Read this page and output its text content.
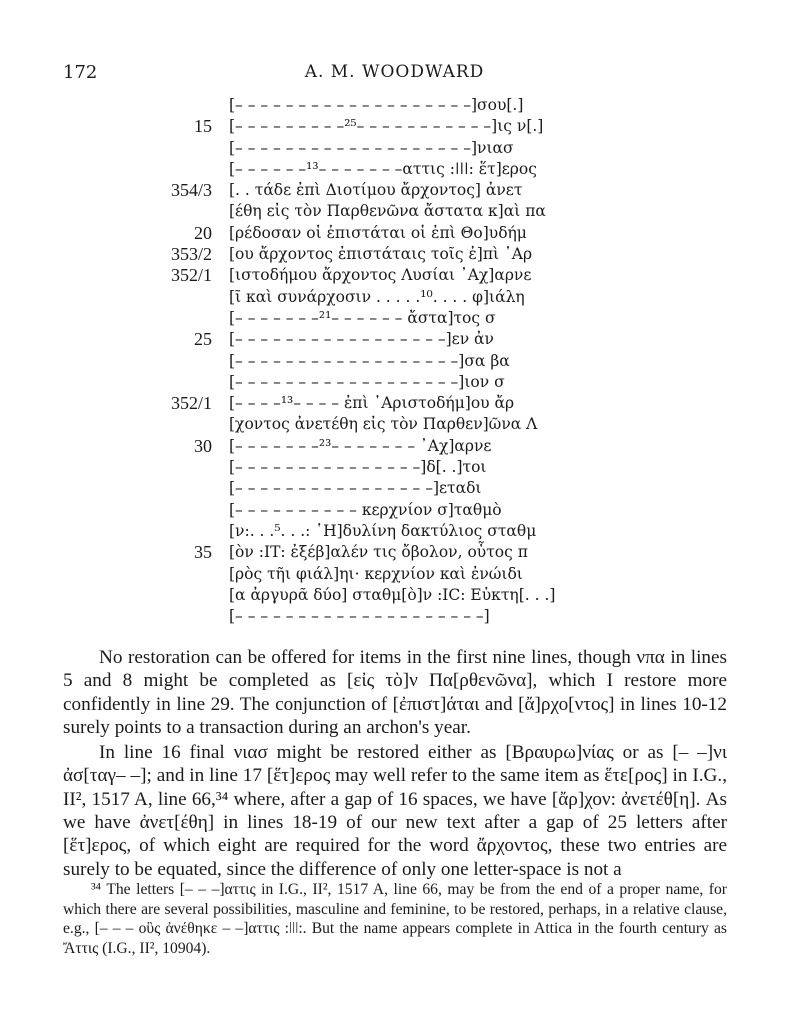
172	A. M. WOODWARD
[– – – – – – – – – – – – – – – – – – –]σου[.]
15 [– – – – – – – – –²⁵– – – – – – – – – – –]ις ν[.]
[– – – – – – – – – – – – – – – – – – –]νιασ
[– – – – – –¹³– – – – – – –αττις :ǀǀǀ: ἕτ]ερος
354/3 [. . τάδε ἐπὶ Διοτίμου ἄρχοντος] ἀνετ
[έθη εἰς τὸν Παρθενῶνα ἄστατα κ]αὶ πα
20 [ρέδοσαν οἱ ἐπιστάται οἱ ἐπὶ Θο]υδήμ
353/2 [ου ἄρχοντος ἐπιστάταις τοῖς ἐ]πὶ ᾽Αρ
352/1 [ιστοδήμου ἄρχοντος Λυσίαι ᾽Αχ]αρνε
[ῖ καὶ συνάρχοσιν . . . . .¹⁰. . . . φ]ιάλη
[– – – – – – –²¹– – – – – – ἄστα]τος σ
25 [– – – – – – – – – – – – – – – – –]εν ἀν
[– – – – – – – – – – – – – – – – – –]σα βα
[– – – – – – – – – – – – – – – – – –]ιον σ
352/1 [– – – –¹³– – – – ἐπὶ ᾽Αριστοδήμ]ου ἄρ
[χοντος ἀνετέθη εἰς τὸν Παρθεν]ῶνα Λ
30 [– – – – – – –²³– – – – – – – ᾽Αχ]αρνε
[– – – – – – – – – – – – – – –]δ[. .]τοι
[– – – – – – – – – – – – – – – –]εταδι
[– – – – – – – – – – κερχνίον σ]ταθμὸ
[ν:. . .⁵. . .: ῾Η]δυλίνη δακτύλιος σταθμ
35 [ὸν :ΙΤ: ἐξέβ]αλέν τις ὄβολον, οὗτος π
[ρὸς τῆι φιάλ]ηι· κερχνίον καὶ ἐνώιδι
[α ἀργυρᾶ δύο] σταθμ[ὸ]ν :ΙC: Εὐκτη[. . .]
[– – – – – – – – – – – – – – – – – – – –]

No restoration can be offered for items in the first nine lines, though νπα in lines 5 and 8 might be completed as [εἰς τὸ]ν Πα[ρθενῶνα], which I restore more confidently in line 29. The conjunction of [ἐπιστ]άται and [ἄ]ρχο[ντος] in lines 10-12 surely points to a transaction during an archon's year.

In line 16 final νιασ might be restored either as [Βραυρω]νίας or as [– –]νι ἀσ[ταγ– –]; and in line 17 [ἕτ]ερος may well refer to the same item as ἕτε[ρος] in I.G., II², 1517 A, line 66,³⁴ where, after a gap of 16 spaces, we have [ἄρ]χον: ἀνετέθ[η]. As we have ἀνετ[έθη] in lines 18-19 of our new text after a gap of 25 letters after [ἕτ]ερος, of which eight are required for the word ἄρχοντος, these two entries are surely to be equated, since the difference of only one letter-space is not a

³⁴ The letters [– – –]αττις in I.G., II², 1517 A, line 66, may be from the end of a proper name, for which there are several possibilities, masculine and feminine, to be restored, perhaps, in a relative clause, e.g., [– – – οὓς ἀνέθηκε – –]αττις :ǀǀǀ:. But the name appears complete in Attica in the fourth century as Ἄττις (I.G., II², 10904).
